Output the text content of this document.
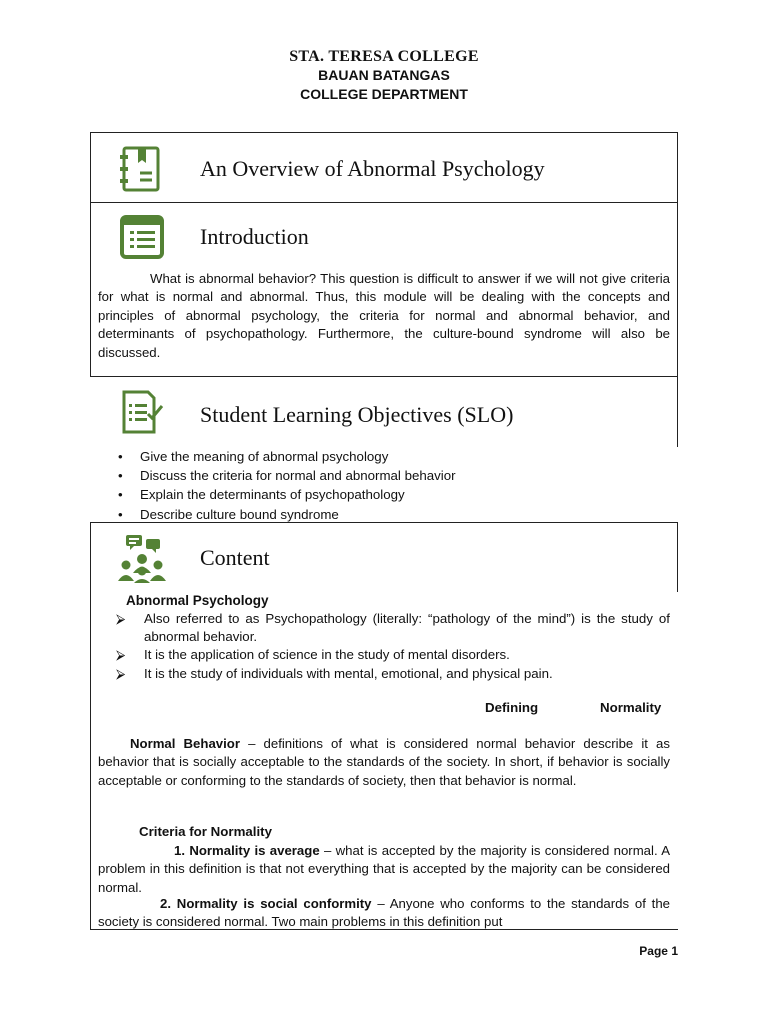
STA. TERESA COLLEGE
BAUAN BATANGAS
COLLEGE DEPARTMENT
An Overview of Abnormal Psychology
Introduction
What is abnormal behavior? This question is difficult to answer if we will not give criteria for what is normal and abnormal. Thus, this module will be dealing with the concepts and principles of abnormal psychology, the criteria for normal and abnormal behavior, and determinants of psychopathology. Furthermore, the culture-bound syndrome will also be discussed.
Student Learning Objectives (SLO)
• Give the meaning of abnormal psychology
• Discuss the criteria for normal and abnormal behavior
• Explain the determinants of psychopathology
• Describe culture bound syndrome
Content
Abnormal Psychology
⮚ Also referred to as Psychopathology (literally: “pathology of the mind”) is the study of abnormal behavior.
⮚ It is the application of science in the study of mental disorders.
⮚ It is the study of individuals with mental, emotional, and physical pain.
Defining	Normality
Normal Behavior – definitions of what is considered normal behavior describe it as behavior that is socially acceptable to the standards of the society. In short, if behavior is socially acceptable or conforming to the standards of society, then that behavior is normal.
Criteria for Normality
1. Normality is average – what is accepted by the majority is considered normal. A problem in this definition is that not everything that is accepted by the majority can be considered normal.
2. Normality is social conformity – Anyone who conforms to the standards of the society is considered normal. Two main problems in this definition put
Page 1
